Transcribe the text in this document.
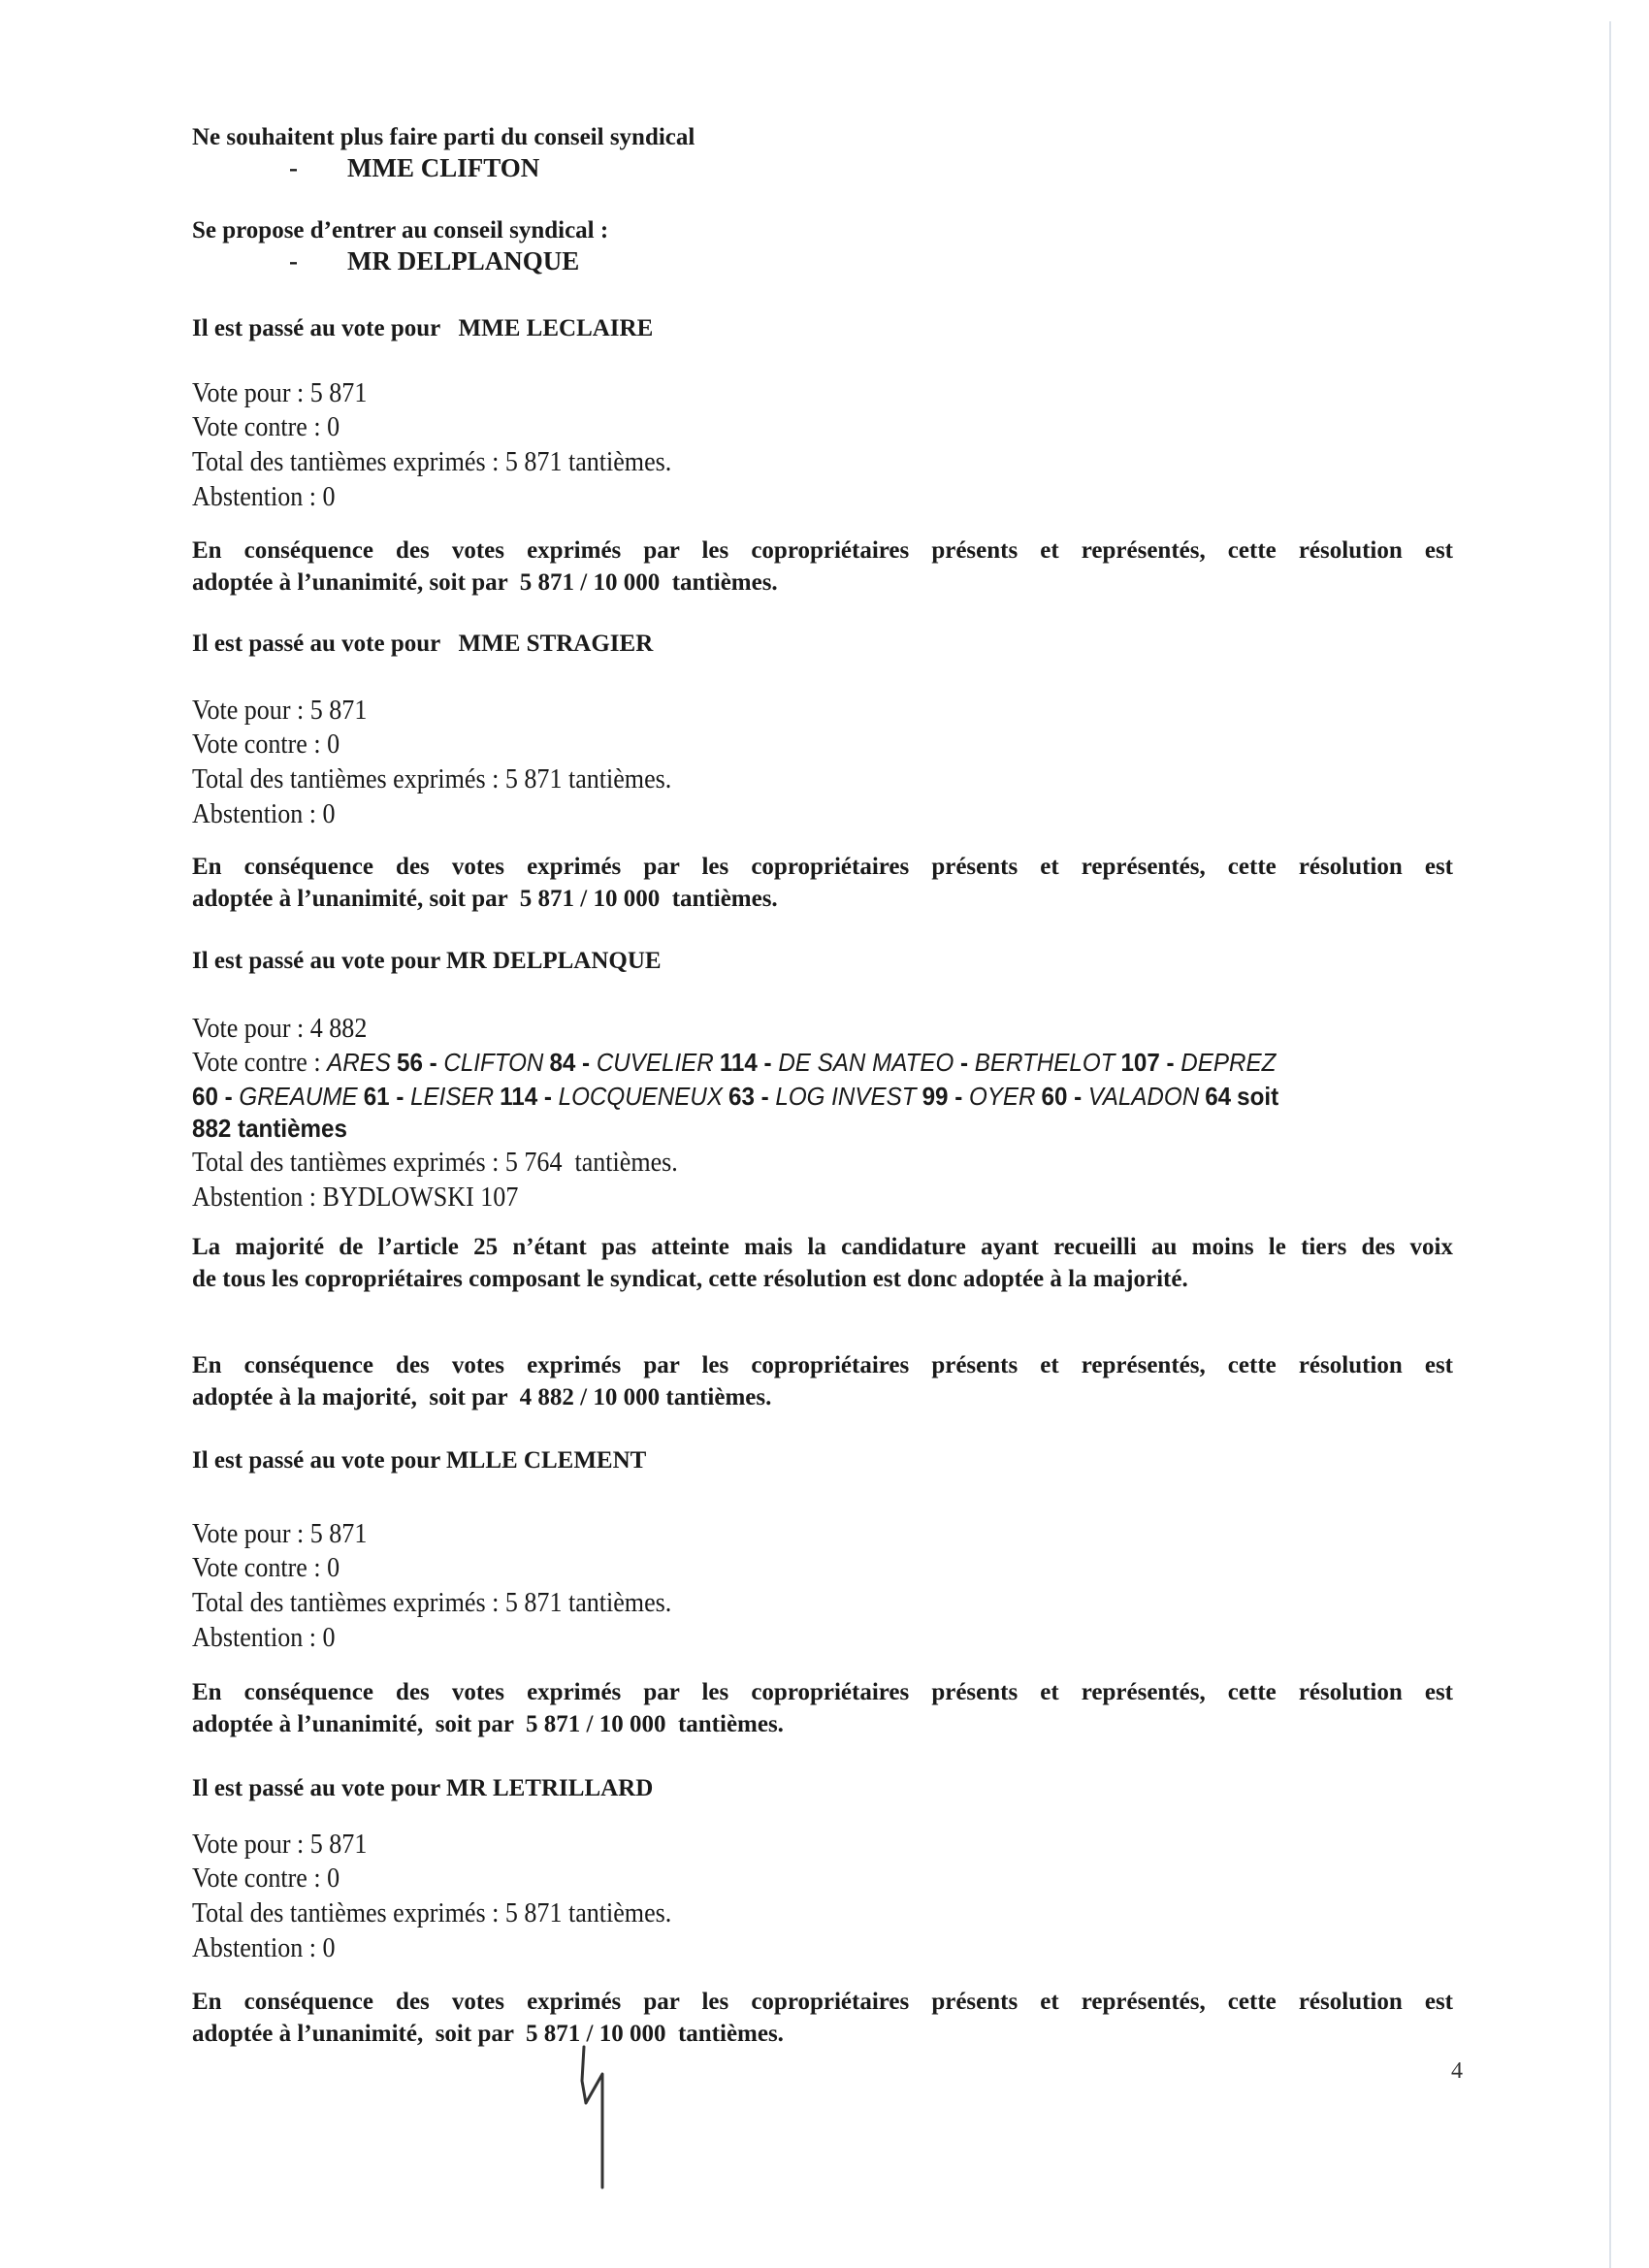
Ne souhaitent plus faire parti du conseil syndical
- MME CLIFTON
Se propose d’entrer au conseil syndical :
- MR DELPLANQUE
Il est passé au vote pour   MME LECLAIRE
Vote pour : 5 871
Vote contre : 0
Total des tantièmes exprimés : 5 871 tantièmes.
Abstention : 0
En conséquence des votes exprimés par les copropriétaires présents et représentés, cette résolution est
adoptée à l’unanimité, soit par  5 871 / 10 000  tantièmes.
Il est passé au vote pour   MME STRAGIER
Vote pour : 5 871
Vote contre : 0
Total des tantièmes exprimés : 5 871 tantièmes.
Abstention : 0
En conséquence des votes exprimés par les copropriétaires présents et représentés, cette résolution est
adoptée à l’unanimité, soit par  5 871 / 10 000  tantièmes.
Il est passé au vote pour MR DELPLANQUE
Vote pour : 4 882
Vote contre : ARES 56 - CLIFTON 84 - CUVELIER 114 - DE SAN MATEO - BERTHELOT 107 - DEPREZ
60 - GREAUME 61 - LEISER 114 - LOCQUENEUX 63 - LOG INVEST 99 - OYER 60 - VALADON 64 soit
882 tantièmes
Total des tantièmes exprimés : 5 764  tantièmes.
Abstention : BYDLOWSKI 107
La majorité de l’article 25 n’étant pas atteinte mais la candidature ayant recueilli au moins le tiers des voix
de tous les copropriétaires composant le syndicat, cette résolution est donc adoptée à la majorité.
En conséquence des votes exprimés par les copropriétaires présents et représentés, cette résolution est
adoptée à la majorité,  soit par  4 882 / 10 000 tantièmes.
Il est passé au vote pour MLLE CLEMENT
Vote pour : 5 871
Vote contre : 0
Total des tantièmes exprimés : 5 871 tantièmes.
Abstention : 0
En conséquence des votes exprimés par les copropriétaires présents et représentés, cette résolution est
adoptée à l’unanimité,  soit par  5 871 / 10 000  tantièmes.
Il est passé au vote pour MR LETRILLARD
Vote pour : 5 871
Vote contre : 0
Total des tantièmes exprimés : 5 871 tantièmes.
Abstention : 0
En conséquence des votes exprimés par les copropriétaires présents et représentés, cette résolution est
adoptée à l’unanimité,  soit par  5 871 / 10 000  tantièmes.
4
